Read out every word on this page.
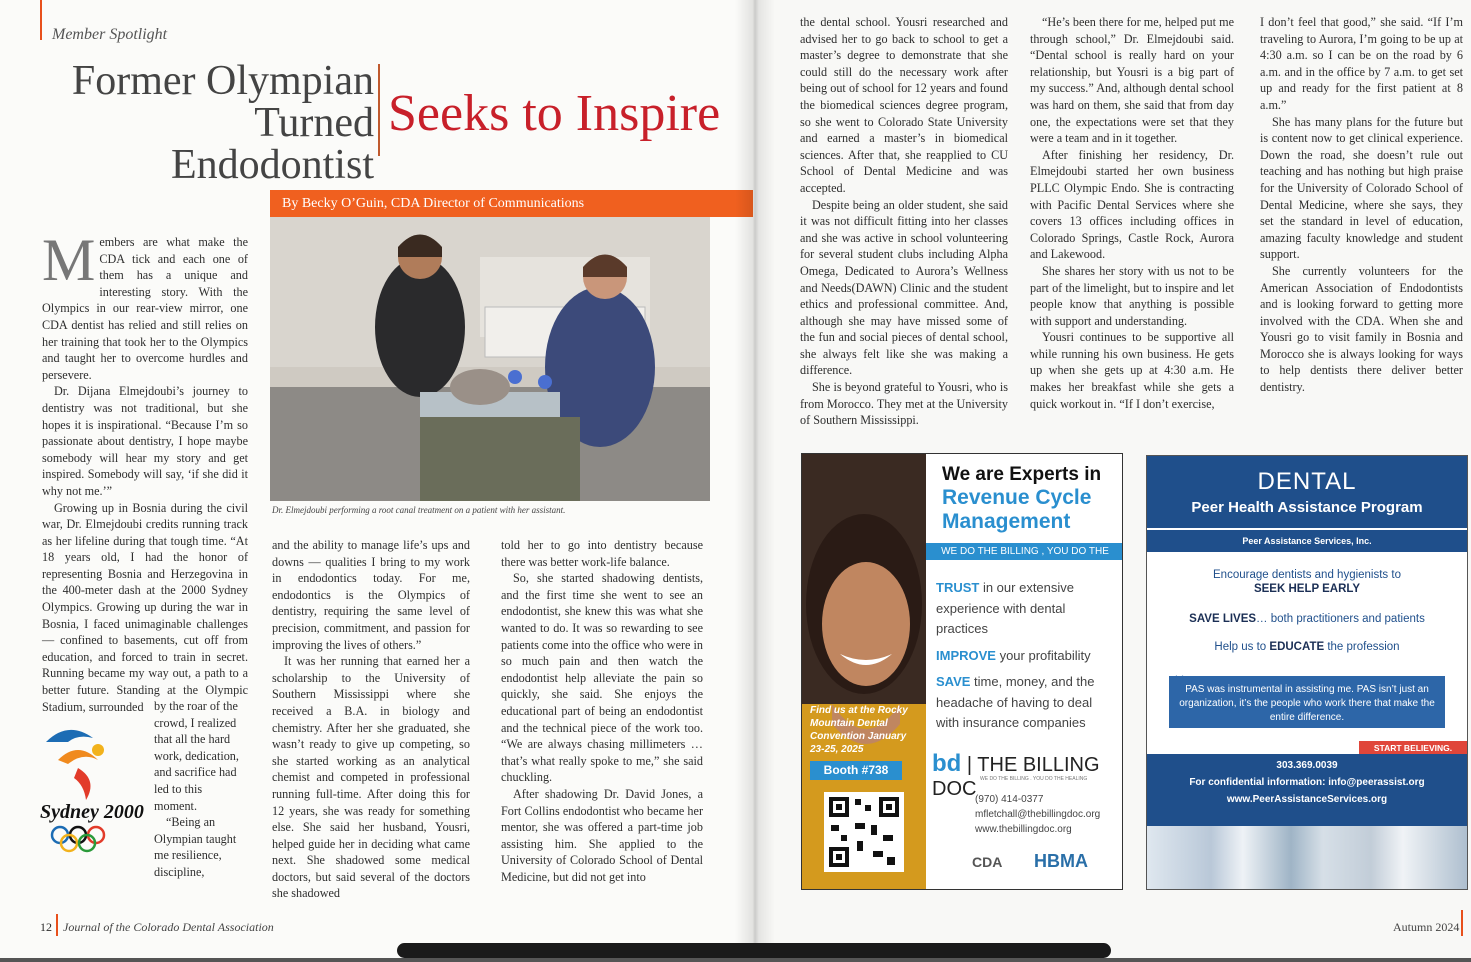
Member Spotlight
Former Olympian
Turned Endodontist
Seeks to Inspire
By Becky O’Guin, CDA Director of Communications
Dr. Elmejdoubi performing a root canal treatment on a patient with her assistant.

Members are what make the CDA tick and each one of them has a unique and interesting story. With the Olympics in our rear-view mirror, one CDA dentist has relied and still relies on her training that took her to the Olympics and taught her to overcome hurdles and persevere.

Dr. Dijana Elmejdoubi’s journey to dentistry was not traditional, but she hopes it is inspirational. “Because I’m so passionate about dentistry, I hope maybe somebody will hear my story and get inspired. Somebody will say, ‘if she did it why not me.’”

Growing up in Bosnia during the civil war, Dr. Elmejdoubi credits running track as her lifeline during that tough time. “At 18 years old, I had the honor of representing Bosnia and Herzegovina in the 400-meter dash at the 2000 Sydney Olympics. Growing up during the war in Bosnia, I faced unimaginable challenges — confined to basements, cut off from education, and forced to train in secret. Running became my way out, a path to a better future. Standing at the Olympic Stadium, surrounded by the roar of the crowd, I realized that all the hard work, dedication, and sacrifice had led to this moment.

“Being an Olympian taught me resilience, discipline,

Sydney 2000

and the ability to manage life’s ups and downs — qualities I bring to my work in endodontics today. For me, endodontics is the Olympics of dentistry, requiring the same level of precision, commitment, and passion for improving the lives of others.”

It was her running that earned her a scholarship to the University of Southern Mississippi where she received a B.A. in biology and chemistry. After her she graduated, she wasn’t ready to give up competing, so she started working as an analytical chemist and competed in professional running full-time. After doing this for 12 years, she was ready for something else. She said her husband, Yousri, helped guide her in deciding what came next. She shadowed some medical doctors, but said several of the doctors she shadowed

told her to go into dentistry because there was better work-life balance.

So, she started shadowing dentists, and the first time she went to see an endodontist, she knew this was what she wanted to do. It was so rewarding to see patients come into the office who were in so much pain and then watch the endodontist help alleviate the pain so quickly, she said. She enjoys the educational part of being an endodontist and the technical piece of the work too. “We are always chasing millimeters … that’s what really spoke to me,” she said chuckling.

After shadowing Dr. David Jones, a Fort Collins endodontist who became her mentor, she was offered a part-time job assisting him. She applied to the University of Colorado School of Dental Medicine, but did not get into

12 Journal of the Colorado Dental Association

the dental school. Yousri researched and advised her to go back to school to get a master’s degree to demonstrate that she could still do the necessary work after being out of school for 12 years and found the biomedical sciences degree program, so she went to Colorado State University and earned a master’s in biomedical sciences. After that, she reapplied to CU School of Dental Medicine and was accepted.

Despite being an older student, she said it was not difficult fitting into her classes and she was active in school volunteering for several student clubs including Alpha Omega, Dedicated to Aurora’s Wellness and Needs(DAWN) Clinic and the student ethics and professional committee. And, although she may have missed some of the fun and social pieces of dental school, she always felt like she was making a difference.

She is beyond grateful to Yousri, who is from Morocco. They met at the University of Southern Mississippi.

“He’s been there for me, helped put me through school,” Dr. Elmejdoubi said. “Dental school is really hard on your relationship, but Yousri is a big part of my success.” And, although dental school was hard on them, she said that from day one, the expectations were set that they were a team and in it together.

After finishing her residency, Dr. Elmejdoubi started her own business PLLC Olympic Endo. She is contracting with Pacific Dental Services where she covers 13 offices including offices in Colorado Springs, Castle Rock, Aurora and Lakewood.

She shares her story with us not to be part of the limelight, but to inspire and let people know that anything is possible with support and understanding.

Yousri continues to be supportive all while running his own business. He gets up when she gets up at 4:30 a.m. He makes her breakfast while she gets a quick workout in. “If I don’t exercise,

I don’t feel that good,” she said. “If I’m traveling to Aurora, I’m going to be up at 4:30 a.m. so I can be on the road by 6 a.m. and in the office by 7 a.m. to get set up and ready for the first patient at 8 a.m.”

She has many plans for the future but is content now to get clinical experience. Down the road, she doesn’t rule out teaching and has nothing but high praise for the University of Colorado School of Dental Medicine, where she says, they set the standard in level of education, amazing faculty knowledge and student support.

She currently volunteers for the American Association of Endodontists and is looking forward to getting more involved with the CDA. When she and Yousri go to visit family in Bosnia and Morocco she is always looking for ways to help dentists there deliver better dentistry.

We are Experts in
Revenue Cycle Management
WE DO THE BILLING , YOU DO THE HEALING
TRUST in our extensive experience with dental practices
IMPROVE your profitability
SAVE time, money, and the headache of having to deal with insurance companies
Find us at the Rocky Mountain Dental Convention January 23-25, 2025
Booth #738	bd | THE BILLING DOC WE DO THE BILLING . YOU DO THE HEALING
(970) 414-0377
mfletchall@thebillingdoc.org
www.thebillingdoc.org
CDA HBMA
DENTAL
Peer Health Assistance Program
Peer Assistance Services, Inc.
Encourage dentists and hygienists to
SEEK HELP EARLY
SAVE LIVES… both practitioners and patients
Help us to EDUCATE the profession
PAS was instrumental in assisting me. PAS isn’t just an organization, it’s the people who work there that make the entire difference.
START BELIEVING.
303.369.0039
For confidential information: info@peerassist.org
www.PeerAssistanceServices.org
Autumn 2024
